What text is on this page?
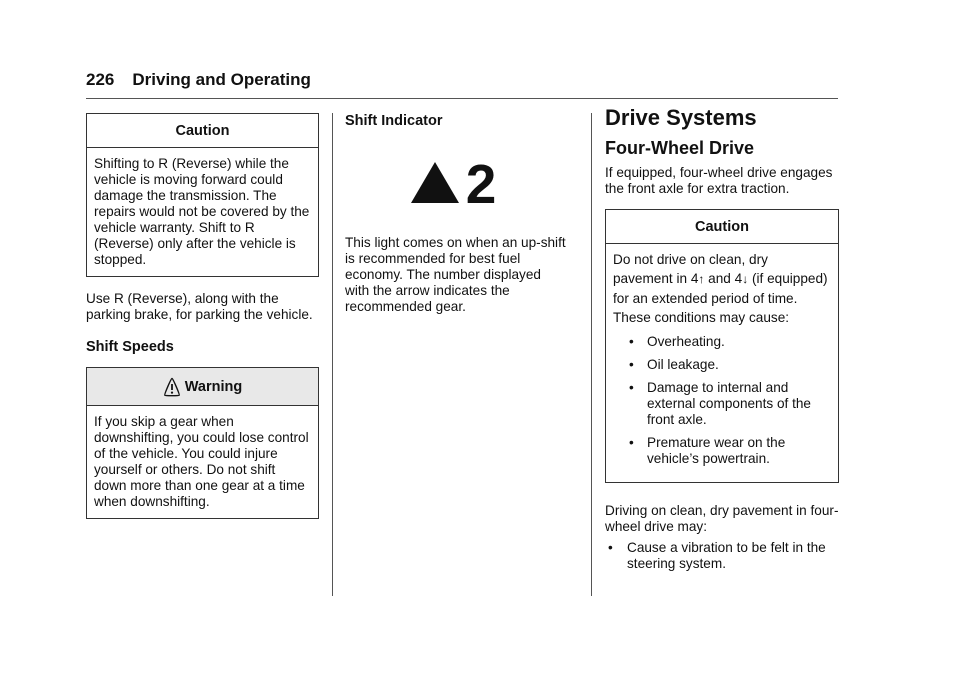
226 Driving and Operating
Caution
Shifting to R (Reverse) while the vehicle is moving forward could damage the transmission. The repairs would not be covered by the vehicle warranty. Shift to R (Reverse) only after the vehicle is stopped.

Use R (Reverse), along with the parking brake, for parking the vehicle.

Shift Speeds
Warning
If you skip a gear when downshifting, you could lose control of the vehicle. You could injure yourself or others. Do not shift down more than one gear at a time when downshifting.
Shift Indicator
2

This light comes on when an up-shift is recommended for best fuel economy. The number displayed with the arrow indicates the recommended gear.

Drive Systems
Four-Wheel Drive

If equipped, four-wheel drive engages the front axle for extra traction.

Caution

Do not drive on clean, dry pavement in 4↑ and 4↓ (if equipped) for an extended period of time. These conditions may cause:

• Overheating.
• Oil leakage.
• Damage to internal and external components of the front axle.
• Premature wear on the vehicle’s powertrain.

Driving on clean, dry pavement in four-wheel drive may:

• Cause a vibration to be felt in the steering system.
